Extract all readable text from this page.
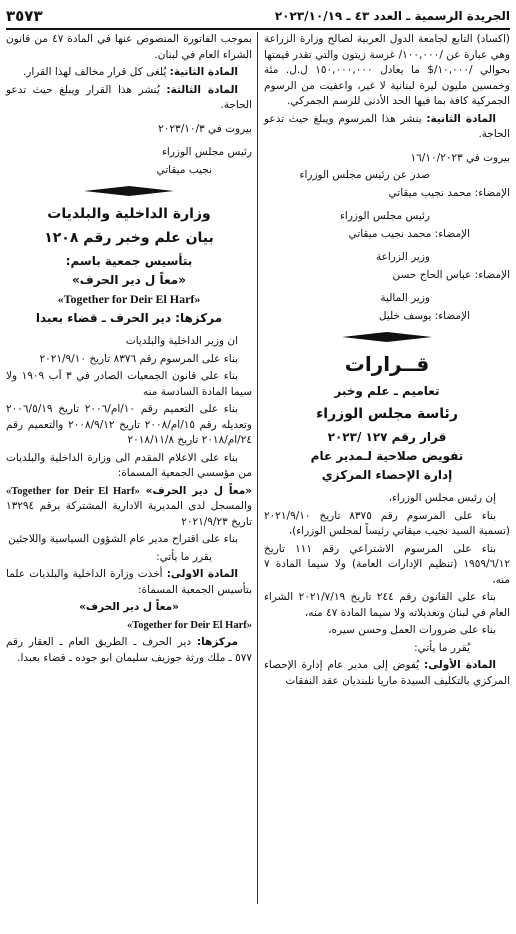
الجريدة الرسمية ـ العدد ٤٣ ـ ٢٠٢٣/١٠/١٩
٣٥٧٣

(اكساد) التابع لجامعة الدول العربية لصالح وزارة الزراعة وهي عبارة عن /١٠٠,٠٠٠/ غرسة زيتون والتي تقدر قيمتها بحوالي /١٠,٠٠٠/$ ما يعادل ١٥٠,٠٠٠,٠٠٠ ل.ل. مئة وخمسين مليون ليرة لبنانية لا غير، واعفيت من الرسوم الجمركية كافة بما فيها الحد الأدنى للرسم الجمركي.

المادة الثانية: ينشر هذا المرسوم ويبلغ حيث تدعو الحاجة.

بيروت في ١٦/١٠/٢٠٢٣

صدر عن رئيس مجلس الوزراء

الإمضاء: محمد نجيب ميقاتي

رئيس مجلس الوزراء

الإمضاء: محمد نجيب ميقاتي

وزير الزراعة

الإمضاء: عباس الحاج حسن

وزير المالية

الإمضاء: يوسف خليل

قــرارات
تعاميم ـ علم وخبر
رئاسة مجلس الوزراء
قرار رقم ١٢٧ /٢٠٢٣
تفويض صلاحية لـمدير عام
إدارة الإحصاء المركزي

إن رئيس مجلس الوزراء،

بناء على المرسوم رقم ٨٣٧٥ تاريخ ٢٠٢١/٩/١٠ (تسمية السيد نجيب ميقاتي رئيساً لمجلس الوزراء)،

بناء على المرسوم الاشتراعي رقم ١١١ تاريخ ١٩٥٩/٦/١٢ (تنظيم الإدارات العامة) ولا سيما المادة ٧ منه،

بناء على القانون رقم ٢٤٤ تاريخ ٢٠٢١/٧/١٩ الشراء العام في لبنان وتعديلاته ولا سيما المادة ٤٧ منه،

بناء على ضرورات العمل وحسن سيره،

يُقرر ما يأتي:

المادة الأولى: يُفوض إلى مدير عام إدارة الإحصاء المركزي بالتكليف السيدة ماريا نلبنديان عقد النفقات

بموجب الفاتورة المنصوص عنها في المادة ٤٧ من قانون الشراء العام في لبنان.

المادة الثانية: يُلغى كل قرار مخالف لهذا القرار.

المادة الثالثة: يُنشر هذا القرار ويبلغ حيث تدعو الحاجة.

بيروت في ٢٠٢٣/١٠/٣

رئيس مجلس الوزراء

نجيب ميقاتي

وزارة الداخلية والبلديات
بيان علم وخبر رقم ١٢٠٨
بتأسيس جمعية باسم:
«معاً ل دير الحرف»
«Together for Deir El Harf»
مركزها: دير الحرف ـ قضاء بعبدا

ان وزير الداخلية والبلديات

بناء على المرسوم رقم ٨٣٧٦ تاريخ ٢٠٢١/٩/١٠

بناء على قانون الجمعيات الصادر في ٣ آب ١٩٠٩ ولا سيما المادة السادسة منه

بناء على التعميم رقم ١٠/ام/٢٠٠٦ تاريخ ٢٠٠٦/٥/١٩ وتعديله رقم ١٥/ام/٢٠٠٨ تاريخ ٢٠٠٨/٩/١٢ والتعميم رقم ٢٤/ام/٢٠١٨ تاريخ ٢٠١٨/١١/٨

بناء على الاعلام المقدم الى وزارة الداخلية والبلديات من مؤسسي الجمعية المسماة:

«معاً ل دير الحرف» «Together for Deir El Harf» والمسجل لدى المديرية الادارية المشتركة برقم ١٣٢٩٤ تاريخ ٢٠٢١/٩/٢٣

بناء على اقتراح مدير عام الشؤون السياسية واللاجئين

يقرر ما يأتي:

المادة الاولى: أخذت وزارة الداخلية والبلديات علما بتأسيس الجمعية المسماة:

«معاً ل دير الحرف»

«Together for Deir El Harf»

مركزها: دير الحرف ـ الطريق العام ـ العقار رقم ٥٧٧ ـ ملك ورثة جوزيف سليمان ابو جوده ـ قضاء بعبدا.
